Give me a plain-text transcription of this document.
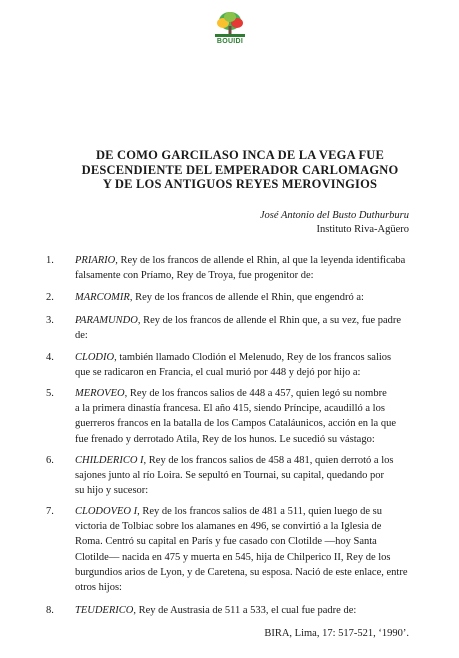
BOUIDI
DE COMO GARCILASO INCA DE LA VEGA FUE
DESCENDIENTE DEL EMPERADOR CARLOMAGNO
Y DE LOS ANTIGUOS REYES MEROVINGIOS
José Antonio del Busto Duthurburu
Instituto Riva-Agüero
1. PRIARIO, Rey de los francos de allende el Rhin, al que la leyenda identificaba
falsamente con Príamo, Rey de Troya, fue progenitor de:
2. MARCOMIR, Rey de los francos de allende el Rhin, que engendró a:
3. PARAMUNDO, Rey de los francos de allende el Rhin que, a su vez, fue padre
de:
4. CLODIO, también llamado Clodión el Melenudo, Rey de los francos salios
que se radicaron en Francia, el cual murió por 448 y dejó por hijo a:
5. MEROVEO, Rey de los francos salios de 448 a 457, quien legó su nombre
a la primera dinastía francesa. El año 415, siendo Príncipe, acaudilló a los
guerreros francos en la batalla de los Campos Cataláunicos, acción en la que
fue frenado y derrotado Atila, Rey de los hunos. Le sucedió su vástago:
6. CHILDERICO I, Rey de los francos salios de 458 a 481, quien derrotó a los
sajones junto al río Loira. Se sepultó en Tournai, su capital, quedando por
su hijo y sucesor:
7. CLODOVEO I, Rey de los francos salios de 481 a 511, quien luego de su
victoria de Tolbiac sobre los alamanes en 496, se convirtió a la Iglesia de
Roma. Centró su capital en París y fue casado con Clotilde —hoy Santa
Clotilde— nacida en 475 y muerta en 545, hija de Chilperico II, Rey de los
burgundios arios de Lyon, y de Caretena, su esposa. Nació de este enlace, entre
otros hijos:
8. TEUDERICO, Rey de Austrasia de 511 a 533, el cual fue padre de:
BIRA, Lima, 17: 517-521, ‘1990’.
